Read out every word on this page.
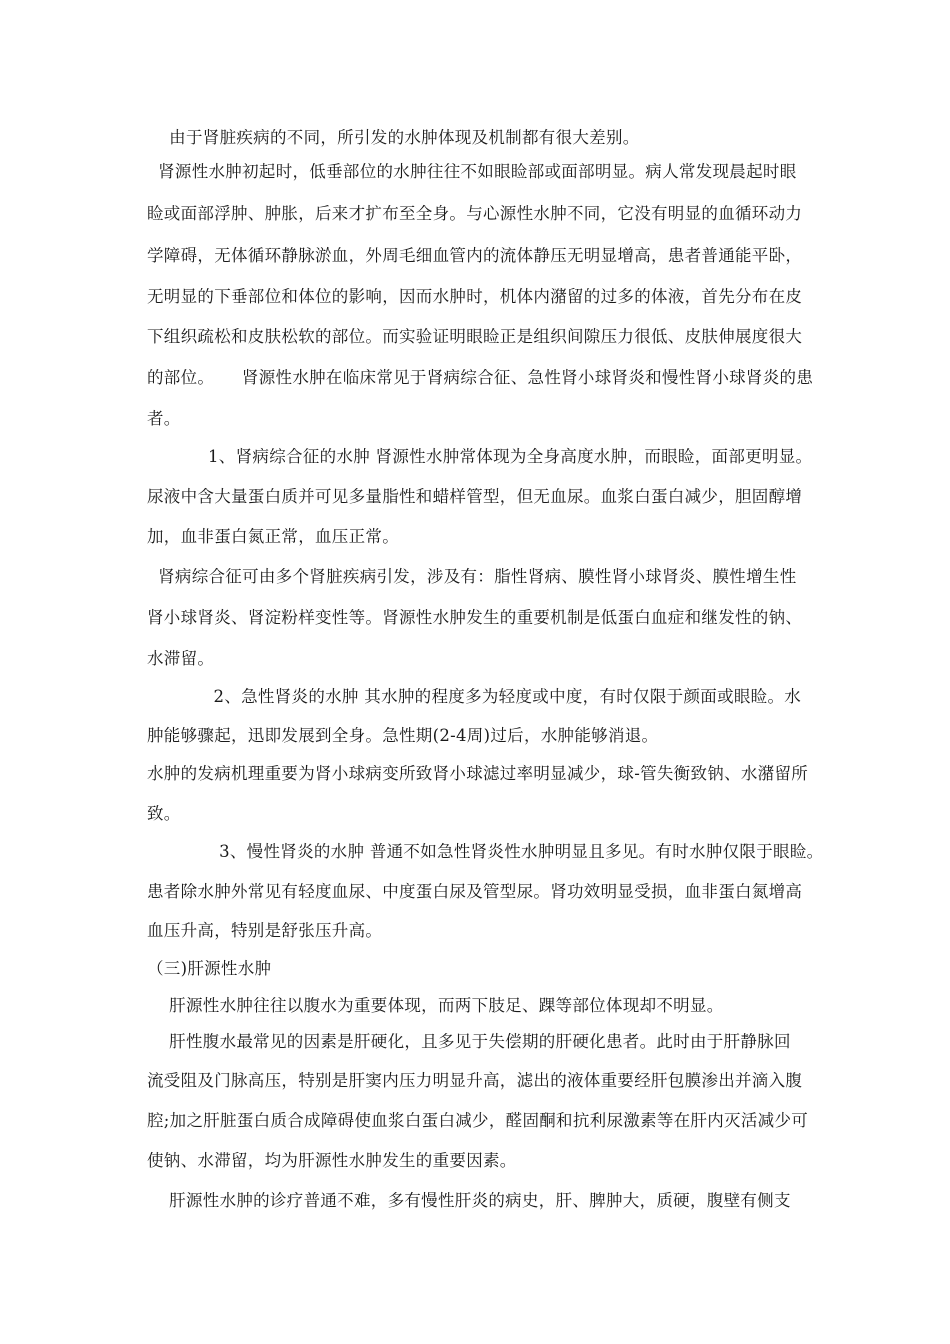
由于肾脏疾病的不同，所引发的水肿体现及机制都有很大差别。
肾源性水肿初起时，低垂部位的水肿往往不如眼睑部或面部明显。病人常发现晨起时眼
睑或面部浮肿、肿胀，后来才扩布至全身。与心源性水肿不同，它没有明显的血循环动力
学障碍，无体循环静脉淤血，外周毛细血管内的流体静压无明显增高，患者普通能平卧，
无明显的下垂部位和体位的影响，因而水肿时，机体内潴留的过多的体液，首先分布在皮
下组织疏松和皮肤松软的部位。而实验证明眼睑正是组织间隙压力很低、皮肤伸展度很大
的部位。     肾源性水肿在临床常见于肾病综合征、急性肾小球肾炎和慢性肾小球肾炎的患
者。
1、肾病综合征的水肿 肾源性水肿常体现为全身高度水肿，而眼睑，面部更明显。
尿液中含大量蛋白质并可见多量脂性和蜡样管型，但无血尿。血浆白蛋白减少，胆固醇增
加，血非蛋白氮正常，血压正常。
肾病综合征可由多个肾脏疾病引发，涉及有：脂性肾病、膜性肾小球肾炎、膜性增生性
肾小球肾炎、肾淀粉样变性等。肾源性水肿发生的重要机制是低蛋白血症和继发性的钠、
水滞留。
2、急性肾炎的水肿 其水肿的程度多为轻度或中度，有时仅限于颜面或眼睑。水
肿能够骤起，迅即发展到全身。急性期(2-4周)过后，水肿能够消退。
水肿的发病机理重要为肾小球病变所致肾小球滤过率明显减少，球-管失衡致钠、水潴留所
致。
3、慢性肾炎的水肿 普通不如急性肾炎性水肿明显且多见。有时水肿仅限于眼睑。
患者除水肿外常见有轻度血尿、中度蛋白尿及管型尿。肾功效明显受损，血非蛋白氮增高
血压升高，特别是舒张压升高。
（三)肝源性水肿
肝源性水肿往往以腹水为重要体现，而两下肢足、踝等部位体现却不明显。
肝性腹水最常见的因素是肝硬化，且多见于失偿期的肝硬化患者。此时由于肝静脉回
流受阻及门脉高压，特别是肝窦内压力明显升高，滤出的液体重要经肝包膜渗出并滴入腹
腔;加之肝脏蛋白质合成障碍使血浆白蛋白减少，醛固酮和抗利尿激素等在肝内灭活减少可
使钠、水滞留，均为肝源性水肿发生的重要因素。
肝源性水肿的诊疗普通不难，多有慢性肝炎的病史，肝、脾肿大，质硬，腹壁有侧支
